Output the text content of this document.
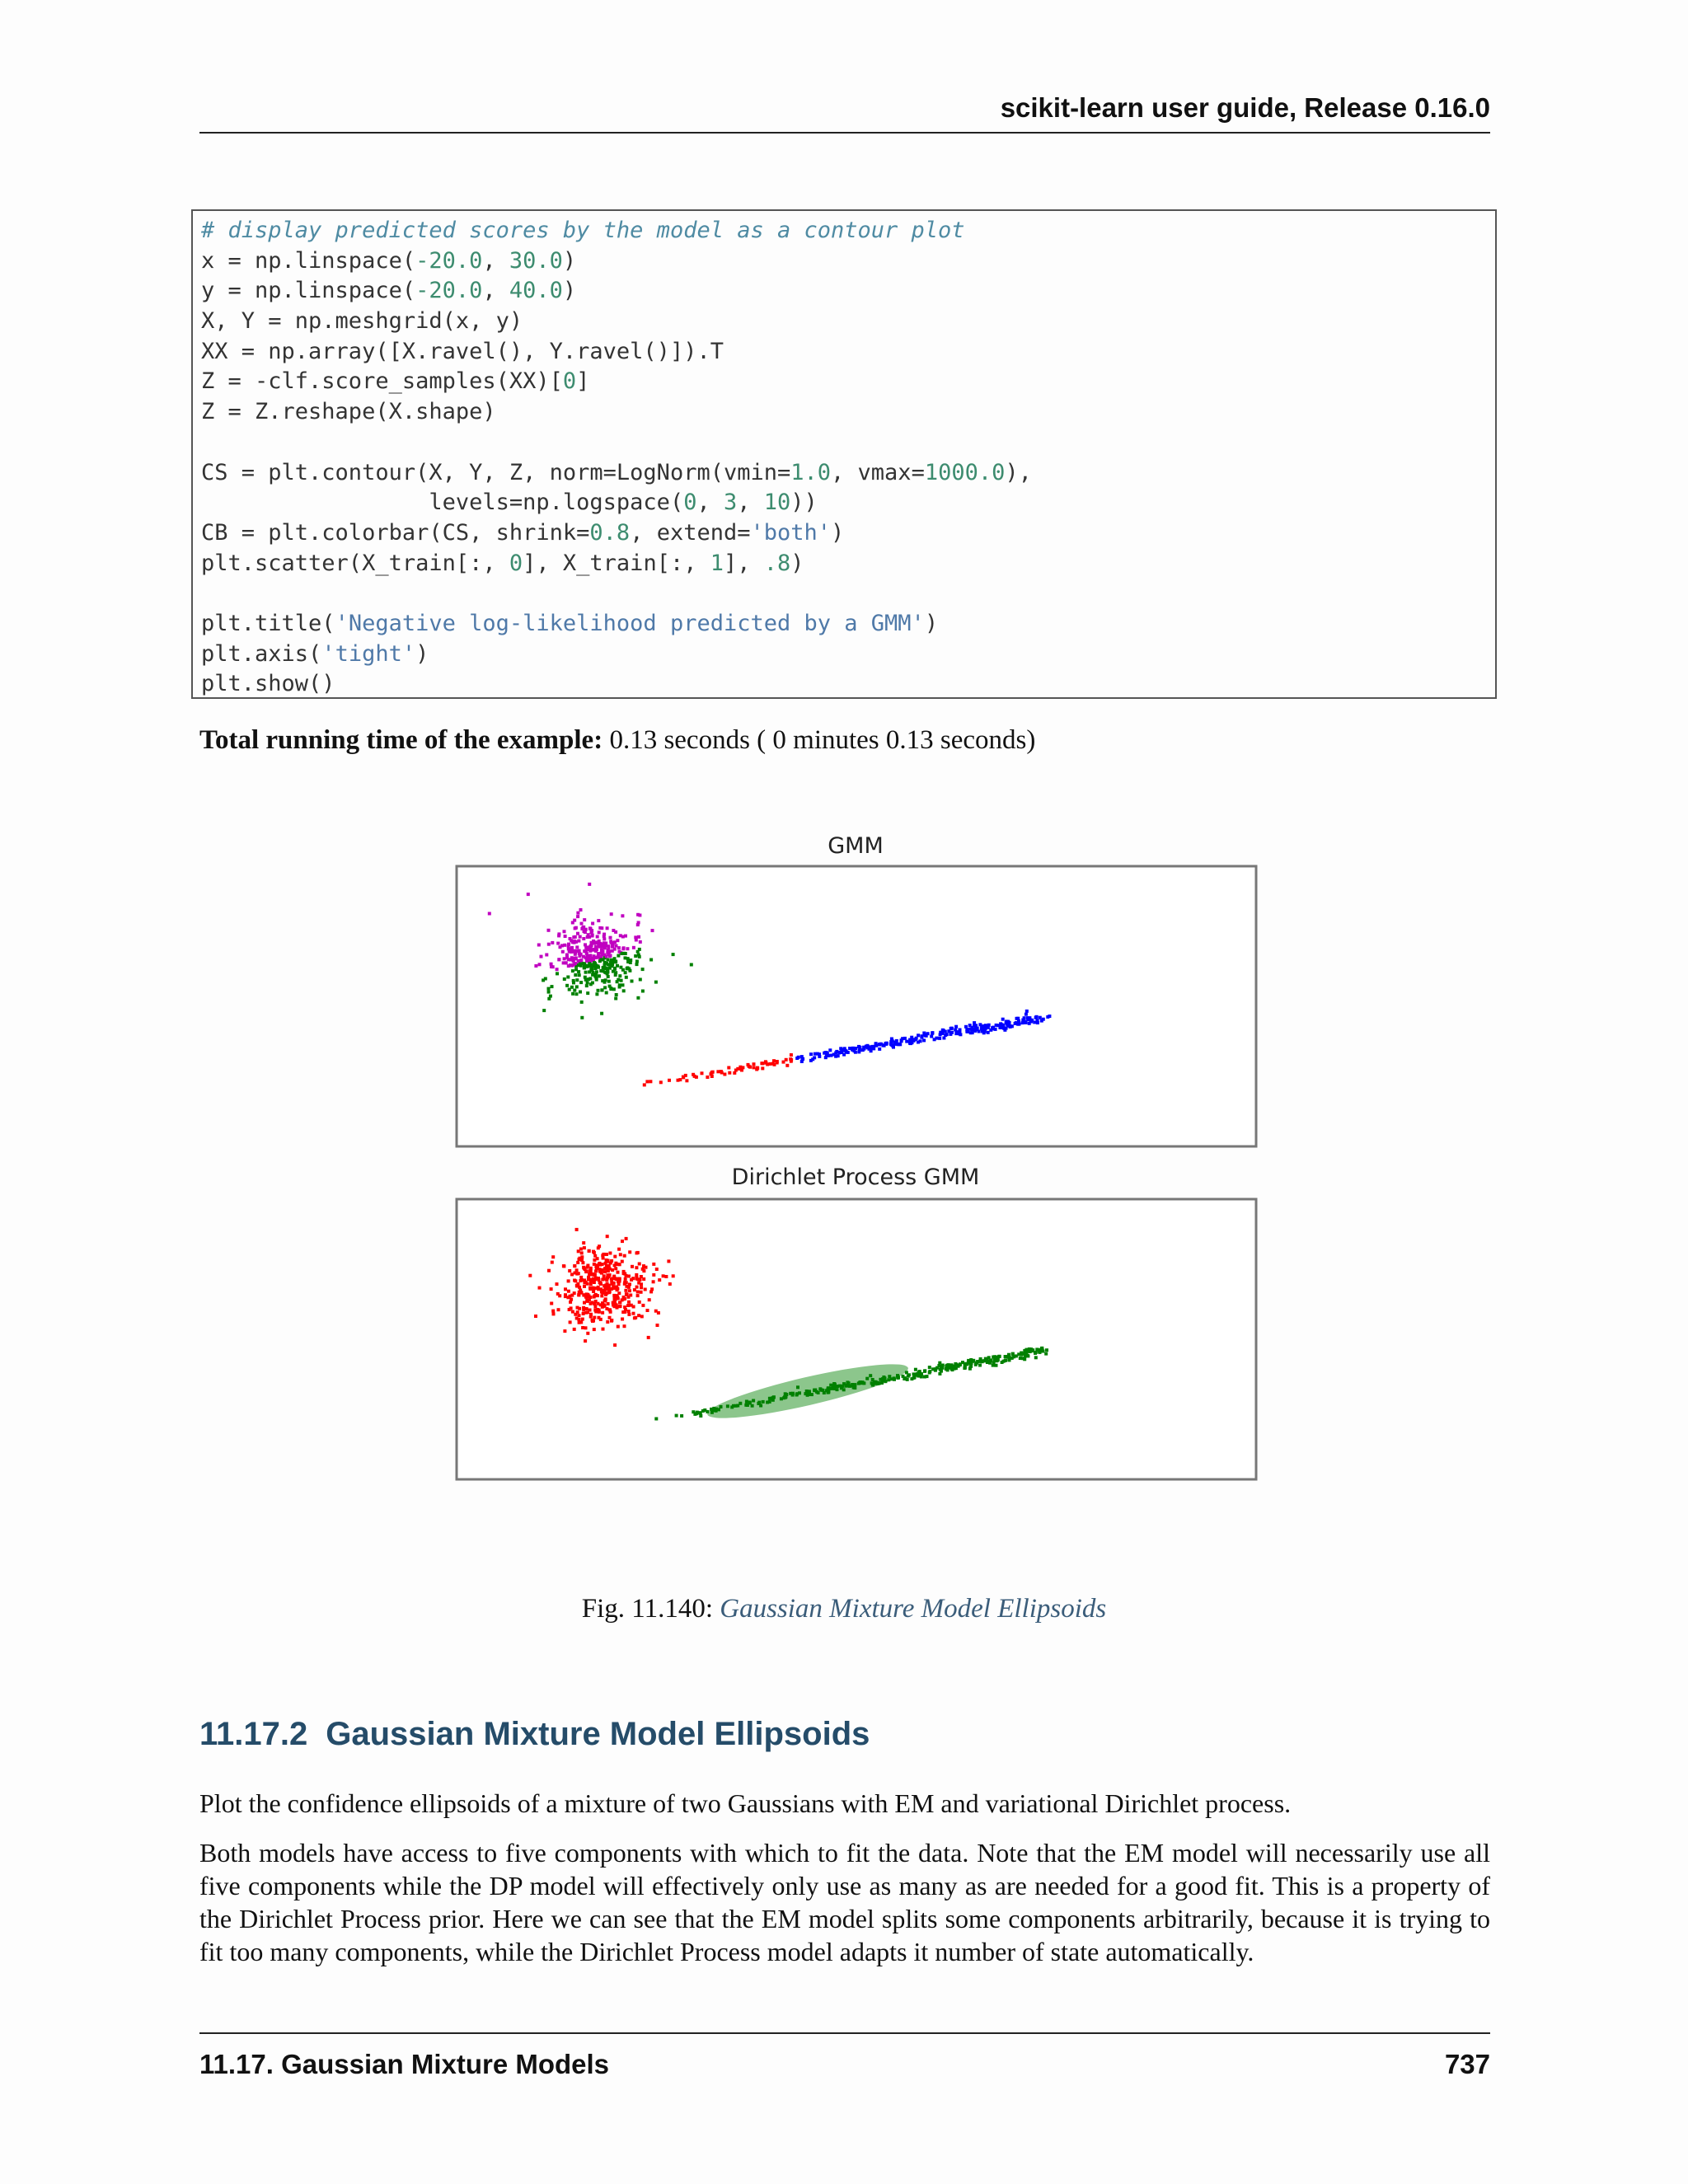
scikit-learn user guide, Release 0.16.0
# display predicted scores by the model as a contour plot
x = np.linspace(-20.0, 30.0)
y = np.linspace(-20.0, 40.0)
X, Y = np.meshgrid(x, y)
XX = np.array([X.ravel(), Y.ravel()]).T
Z = -clf.score_samples(XX)[0]
Z = Z.reshape(X.shape)
CS = plt.contour(X, Y, Z, norm=LogNorm(vmin=1.0, vmax=1000.0),
levels=np.logspace(0, 3, 10))
CB = plt.colorbar(CS, shrink=0.8, extend='both')
plt.scatter(X_train[:, 0], X_train[:, 1], .8)
plt.title('Negative log-likelihood predicted by a GMM')
plt.axis('tight')
plt.show()
Total running time of the example: 0.13 seconds ( 0 minutes 0.13 seconds)
GMM
Dirichlet Process GMM
Fig. 11.140: Gaussian Mixture Model Ellipsoids
11.17.2 Gaussian Mixture Model Ellipsoids

Plot the confidence ellipsoids of a mixture of two Gaussians with EM and variational Dirichlet process.

Both models have access to five components with which to fit the data. Note that the EM model will necessarily use all five components while the DP model will effectively only use as many as are needed for a good fit. This is a property of the Dirichlet Process prior. Here we can see that the EM model splits some components arbitrarily, because it is trying to fit too many components, while the Dirichlet Process model adapts it number of state automatically.

11.17. Gaussian Mixture Models	737
